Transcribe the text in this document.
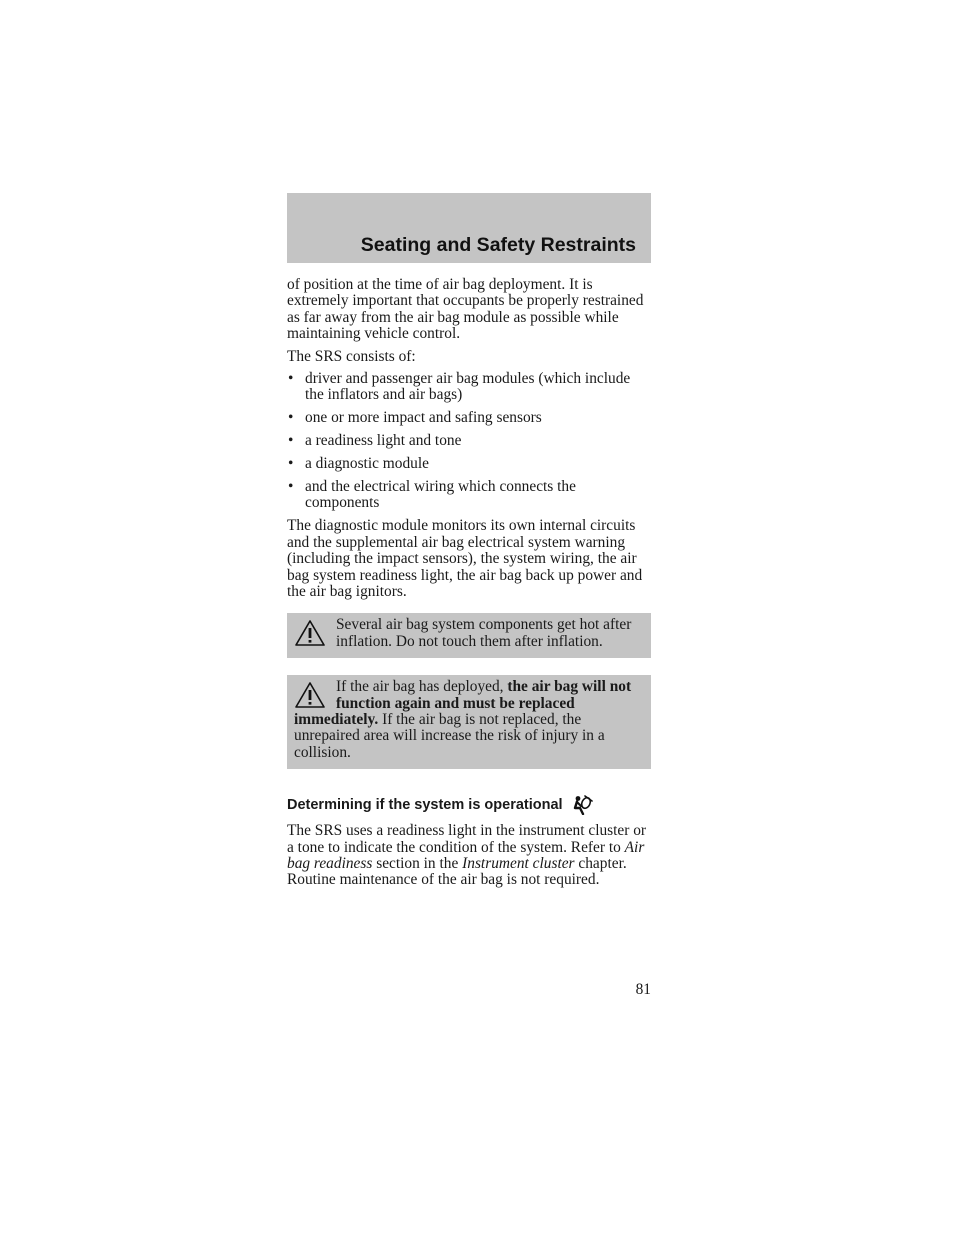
Seating and Safety Restraints

of position at the time of air bag deployment. It is extremely important that occupants be properly restrained as far away from the air bag module as possible while maintaining vehicle control.

The SRS consists of:

• driver and passenger air bag modules (which include the inflators and air bags)
• one or more impact and safing sensors
• a readiness light and tone
• a diagnostic module
• and the electrical wiring which connects the components

The diagnostic module monitors its own internal circuits and the supplemental air bag electrical system warning (including the impact sensors), the system wiring, the air bag system readiness light, the air bag back up power and the air bag ignitors.

Several air bag system components get hot after inflation. Do not touch them after inflation.

If the air bag has deployed, the air bag will not function again and must be replaced immediately. If the air bag is not replaced, the unrepaired area will increase the risk of injury in a collision.

Determining if the system is operational

The SRS uses a readiness light in the instrument cluster or a tone to indicate the condition of the system. Refer to Air bag readiness section in the Instrument cluster chapter. Routine maintenance of the air bag is not required.

81
